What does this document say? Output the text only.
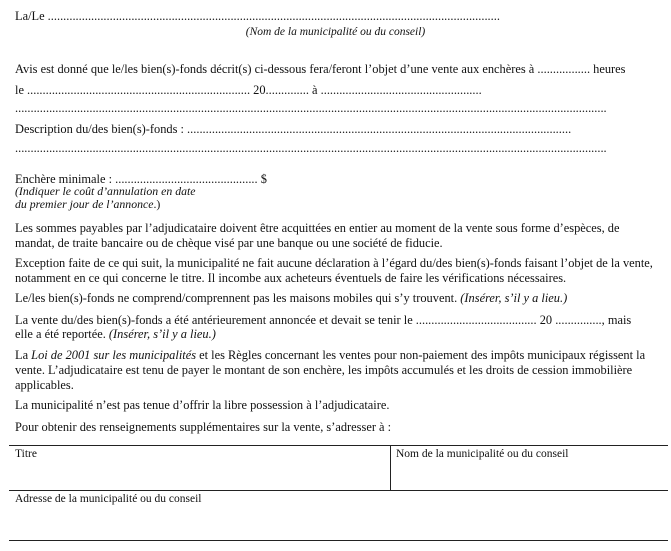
La/Le ..................................................................................................................................................

(Nom de la municipalité ou du conseil)

Avis est donné que le/les bien(s)-fonds décrit(s) ci-dessous fera/feront l’objet d’une vente aux enchères à ................. heures

le ........................................................................ 20.............. à ....................................................

...............................................................................................................................................................................................

Description du/des bien(s)-fonds : ............................................................................................................................

...............................................................................................................................................................................................

Enchère minimale : .............................................. $

(Indiquer le coût d’annulation en date

du premier jour de l’annonce.)

Les sommes payables par l’adjudicataire doivent être acquittées en entier au moment de la vente sous forme d’espèces, de mandat, de traite bancaire ou de chèque visé par une banque ou une société de fiducie.

Exception faite de ce qui suit, la municipalité ne fait aucune déclaration à l’égard du/des bien(s)-fonds faisant l’objet de la vente, notamment en ce qui concerne le titre. Il incombe aux acheteurs éventuels de faire les vérifications nécessaires.

Le/les bien(s)-fonds ne comprend/comprennent pas les maisons mobiles qui s’y trouvent. (Insérer, s’il y a lieu.)

La vente du/des bien(s)-fonds a été antérieurement annoncée et devait se tenir le ....................................... 20 ..............., mais

elle a été reportée. (Insérer, s’il y a lieu.)

La Loi de 2001 sur les municipalités et les Règles concernant les ventes pour non-paiement des impôts municipaux régissent la vente. L’adjudicataire est tenu de payer le montant de son enchère, les impôts accumulés et les droits de cession immobilière applicables.

La municipalité n’est pas tenue d’offrir la libre possession à l’adjudicataire.

Pour obtenir des renseignements supplémentaires sur la vente, s’adresser à :

Titre	Nom de la municipalité ou du conseil
Adresse de la municipalité ou du conseil
